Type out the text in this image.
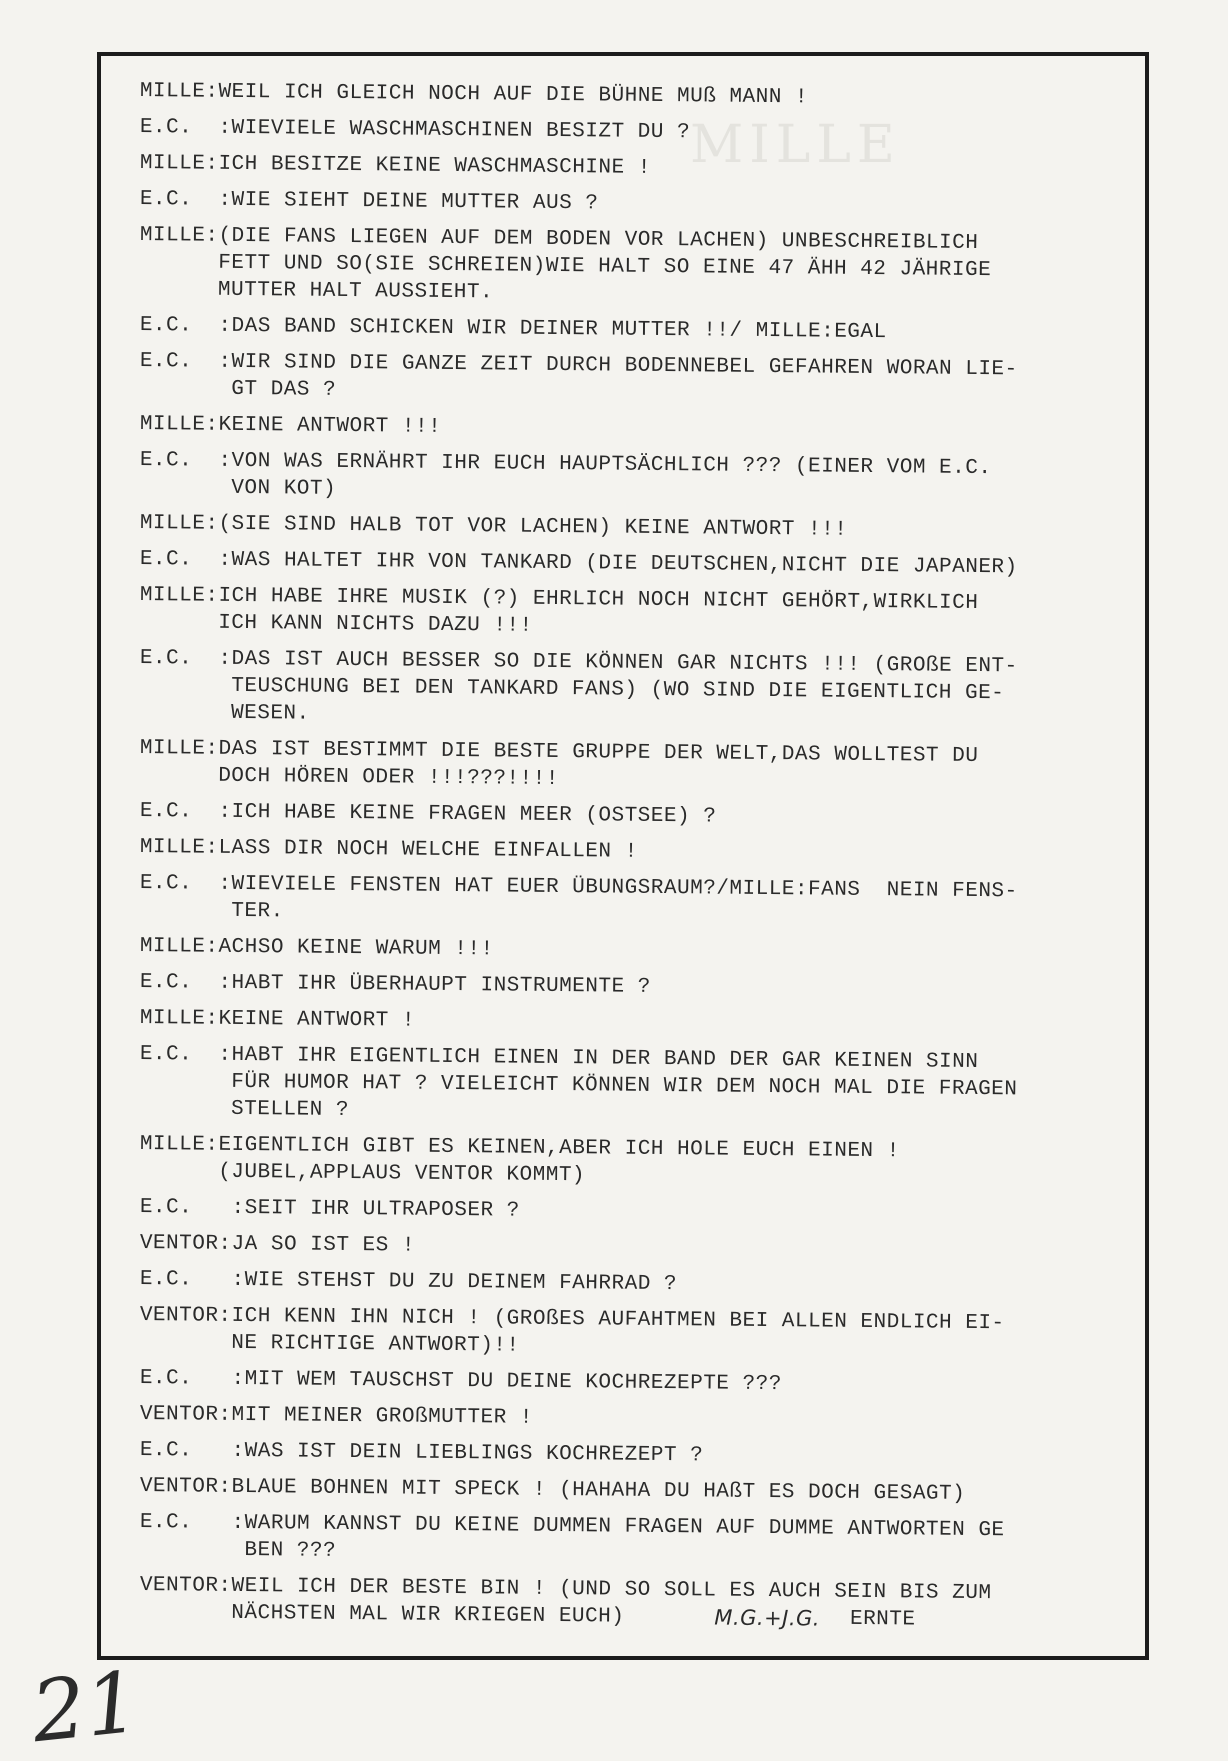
MILLE
MILLE: WEIL ICH GLEICH NOCH AUF DIE BÜHNE MUß MANN !
E.C.  : WIEVIELE WASCHMASCHINEN BESIZT DU ?
MILLE: ICH BESITZE KEINE WASCHMASCHINE !
E.C.  : WIE SIEHT DEINE MUTTER AUS ?
MILLE: (DIE FANS LIEGEN AUF DEM BODEN VOR LACHEN) UNBESCHREIBLICH
FETT UND SO(SIE SCHREIEN)WIE HALT SO EINE 47 ÄHH 42 JÄHRIGE
MUTTER HALT AUSSIEHT.
E.C.  : DAS BAND SCHICKEN WIR DEINER MUTTER !!/ MILLE:EGAL
E.C.  : WIR SIND DIE GANZE ZEIT DURCH BODENNEBEL GEFAHREN WORAN LIE-
GT DAS ?
MILLE: KEINE ANTWORT !!!
E.C.  : VON WAS ERNÄHRT IHR EUCH HAUPTSÄCHLICH ??? (EINER VOM E.C.
VON KOT)
MILLE: (SIE SIND HALB TOT VOR LACHEN) KEINE ANTWORT !!!
E.C.  : WAS HALTET IHR VON TANKARD (DIE DEUTSCHEN,NICHT DIE JAPANER)
MILLE: ICH HABE IHRE MUSIK (?) EHRLICH NOCH NICHT GEHÖRT,WIRKLICH
ICH KANN NICHTS DAZU !!!
E.C.  : DAS IST AUCH BESSER SO DIE KÖNNEN GAR NICHTS !!! (GROßE ENT-
TEUSCHUNG BEI DEN TANKARD FANS) (WO SIND DIE EIGENTLICH GE-
WESEN.
MILLE: DAS IST BESTIMMT DIE BESTE GRUPPE DER WELT,DAS WOLLTEST DU
DOCH HÖREN ODER !!!???!!!!
E.C.  : ICH HABE KEINE FRAGEN MEER (OSTSEE) ?
MILLE: LASS DIR NOCH WELCHE EINFALLEN !
E.C.  : WIEVIELE FENSTEN HAT EUER ÜBUNGSRAUM?/MILLE:FANS  NEIN FENS-
TER.
MILLE: ACHSO KEINE WARUM !!!
E.C.  : HABT IHR ÜBERHAUPT INSTRUMENTE ?
MILLE: KEINE ANTWORT !
E.C.  : HABT IHR EIGENTLICH EINEN IN DER BAND DER GAR KEINEN SINN
FÜR HUMOR HAT ? VIELEICHT KÖNNEN WIR DEM NOCH MAL DIE FRAGEN
STELLEN ?
MILLE: EIGENTLICH GIBT ES KEINEN,ABER ICH HOLE EUCH EINEN !
(JUBEL,APPLAUS VENTOR KOMMT)
E.C.   : SEIT IHR ULTRAPOSER ?
VENTOR: JA SO IST ES !
E.C.   : WIE STEHST DU ZU DEINEM FAHRRAD ?
VENTOR: ICH KENN IHN NICH ! (GROßES AUFAHTMEN BEI ALLEN ENDLICH EI-
NE RICHTIGE ANTWORT)!!
E.C.   : MIT WEM TAUSCHST DU DEINE KOCHREZEPTE ???
VENTOR: MIT MEINER GROßMUTTER !
E.C.   : WAS IST DEIN LIEBLINGS KOCHREZEPT ?
VENTOR: BLAUE BOHNEN MIT SPECK ! (HAHAHA DU HAßT ES DOCH GESAGT)
E.C.   : WARUM KANNST DU KEINE DUMMEN FRAGEN AUF DUMME ANTWORTEN GE
BEN ???
VENTOR: WEIL ICH DER BESTE BIN ! (UND SO SOLL ES AUCH SEIN BIS ZUM
NÄCHSTEN MAL WIR KRIEGEN EUCH)	M.G.+J.G. ERNTE
21
